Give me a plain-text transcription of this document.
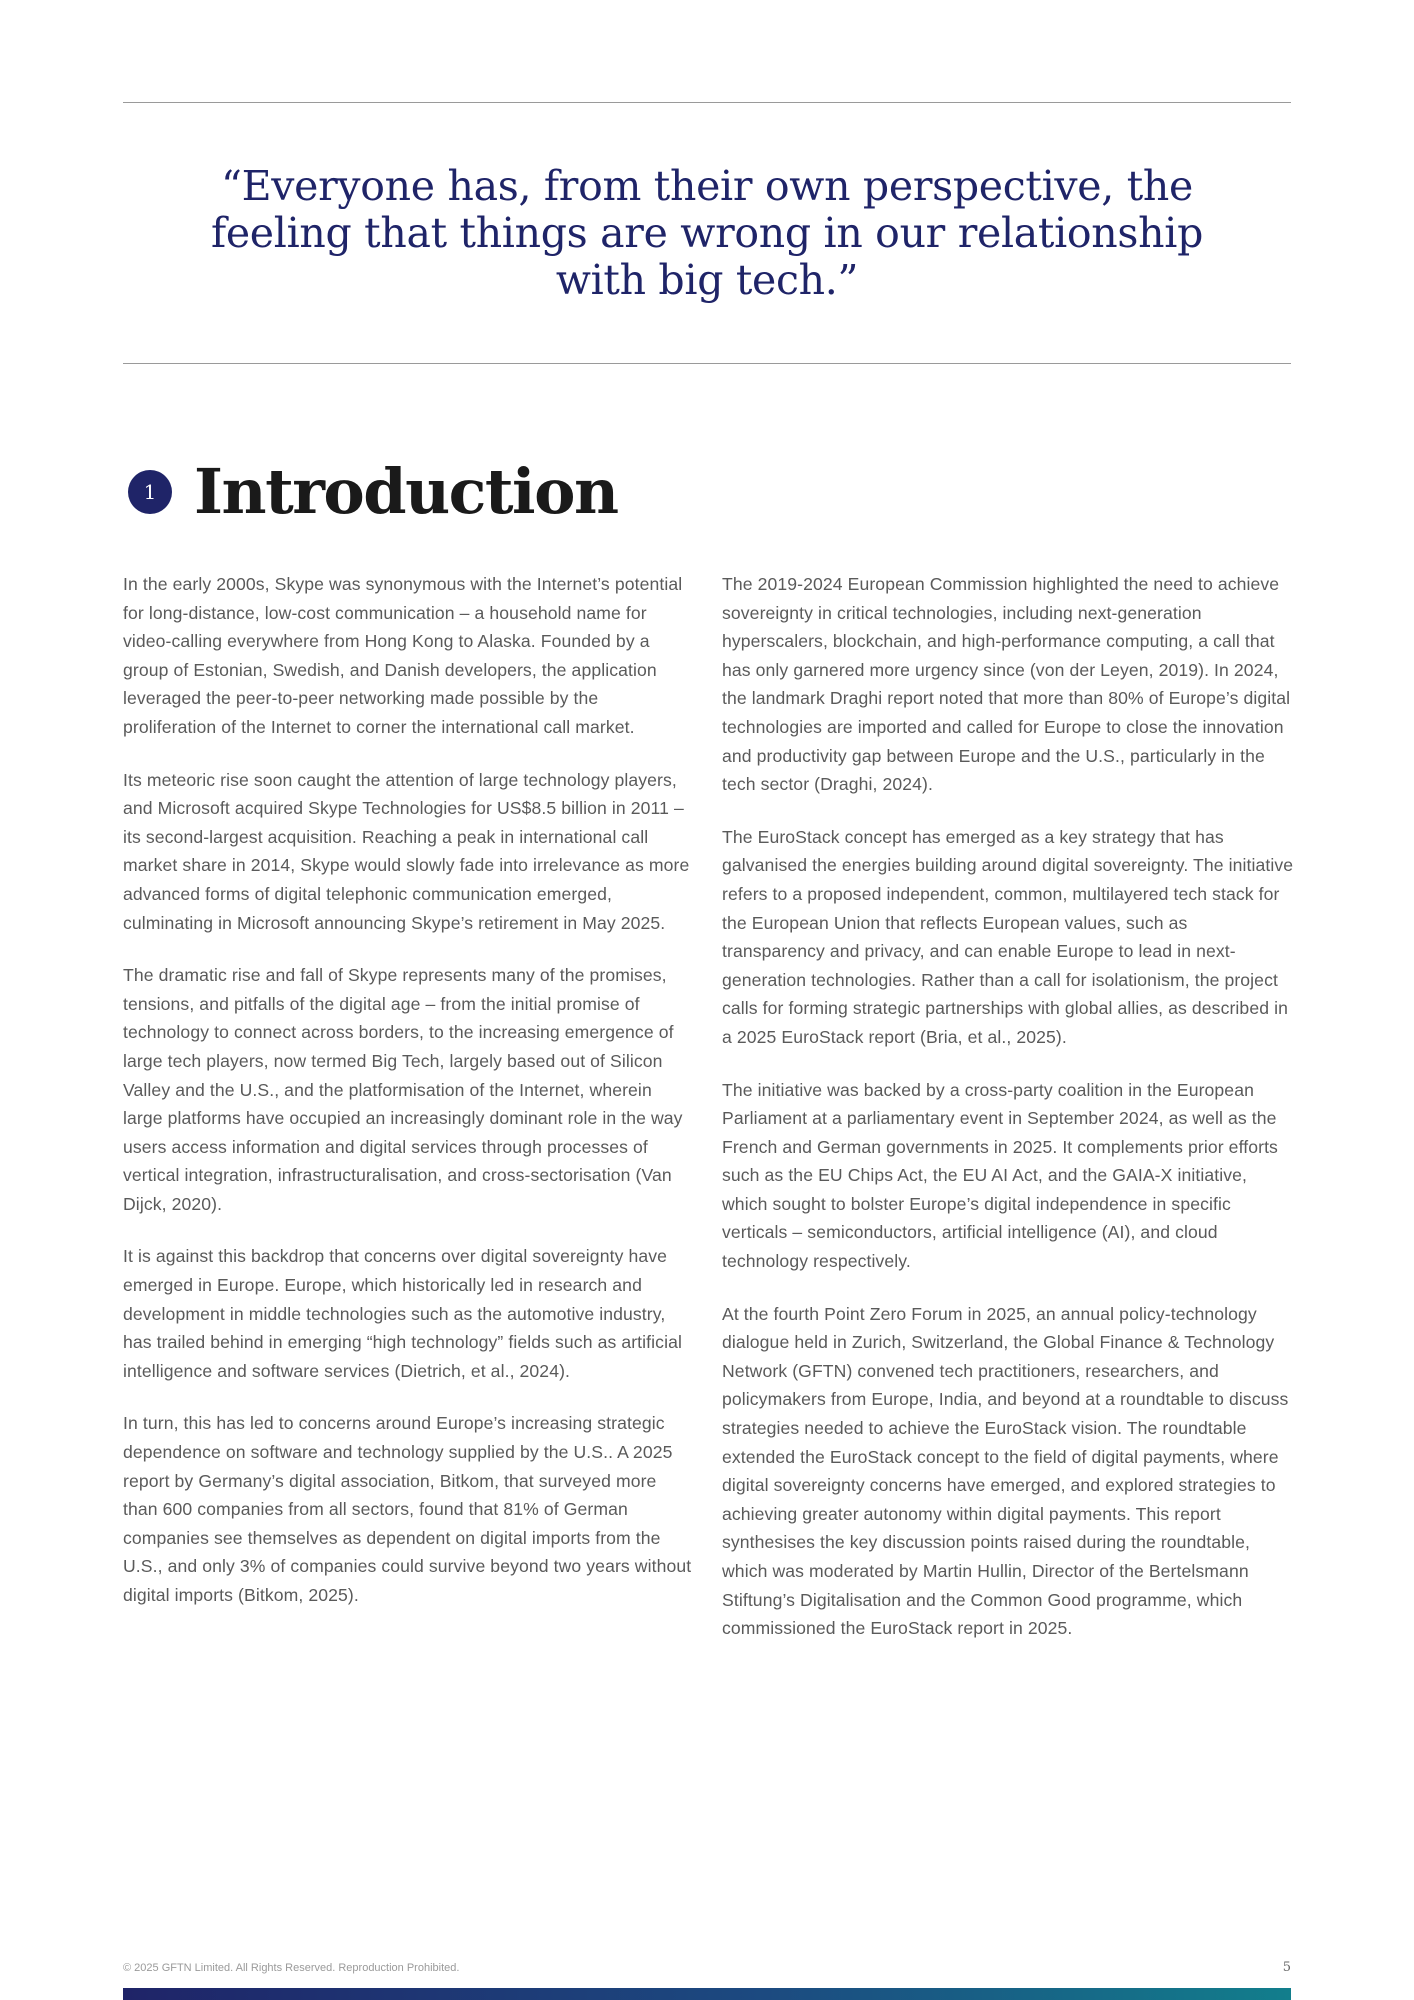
“Everyone has, from their own perspective, the feeling that things are wrong in our relationship with big tech.”
1 Introduction

In the early 2000s, Skype was synonymous with the Internet’s potential for long-distance, low-cost communication – a household name for video-calling everywhere from Hong Kong to Alaska. Founded by a group of Estonian, Swedish, and Danish developers, the application leveraged the peer-to-peer networking made possible by the proliferation of the Internet to corner the international call market.

Its meteoric rise soon caught the attention of large technology players, and Microsoft acquired Skype Technologies for US$8.5 billion in 2011 – its second-largest acquisition. Reaching a peak in international call market share in 2014, Skype would slowly fade into irrelevance as more advanced forms of digital telephonic communication emerged, culminating in Microsoft announcing Skype’s retirement in May 2025.

The dramatic rise and fall of Skype represents many of the promises, tensions, and pitfalls of the digital age – from the initial promise of technology to connect across borders, to the increasing emergence of large tech players, now termed Big Tech, largely based out of Silicon Valley and the U.S., and the platformisation of the Internet, wherein large platforms have occupied an increasingly dominant role in the way users access information and digital services through processes of vertical integration, infrastructuralisation, and cross-sectorisation (Van Dijck, 2020).

It is against this backdrop that concerns over digital sovereignty have emerged in Europe. Europe, which historically led in research and development in middle technologies such as the automotive industry, has trailed behind in emerging “high technology” fields such as artificial intelligence and software services (Dietrich, et al., 2024).

In turn, this has led to concerns around Europe’s increasing strategic dependence on software and technology supplied by the U.S.. A 2025 report by Germany’s digital association, Bitkom, that surveyed more than 600 companies from all sectors, found that 81% of German companies see themselves as dependent on digital imports from the U.S., and only 3% of companies could survive beyond two years without digital imports (Bitkom, 2025).

The 2019-2024 European Commission highlighted the need to achieve sovereignty in critical technologies, including next-generation hyperscalers, blockchain, and high-performance computing, a call that has only garnered more urgency since (von der Leyen, 2019). In 2024, the landmark Draghi report noted that more than 80% of Europe’s digital technologies are imported and called for Europe to close the innovation and productivity gap between Europe and the U.S., particularly in the tech sector (Draghi, 2024).

The EuroStack concept has emerged as a key strategy that has galvanised the energies building around digital sovereignty. The initiative refers to a proposed independent, common, multilayered tech stack for the European Union that reflects European values, such as transparency and privacy, and can enable Europe to lead in next-generation technologies. Rather than a call for isolationism, the project calls for forming strategic partnerships with global allies, as described in a 2025 EuroStack report (Bria, et al., 2025).

The initiative was backed by a cross-party coalition in the European Parliament at a parliamentary event in September 2024, as well as the French and German governments in 2025. It complements prior efforts such as the EU Chips Act, the EU AI Act, and the GAIA-X initiative, which sought to bolster Europe’s digital independence in specific verticals – semiconductors, artificial intelligence (AI), and cloud technology respectively.

At the fourth Point Zero Forum in 2025, an annual policy-technology dialogue held in Zurich, Switzerland, the Global Finance & Technology Network (GFTN) convened tech practitioners, researchers, and policymakers from Europe, India, and beyond at a roundtable to discuss strategies needed to achieve the EuroStack vision. The roundtable extended the EuroStack concept to the field of digital payments, where digital sovereignty concerns have emerged, and explored strategies to achieving greater autonomy within digital payments. This report synthesises the key discussion points raised during the roundtable, which was moderated by Martin Hullin, Director of the Bertelsmann Stiftung’s Digitalisation and the Common Good programme, which commissioned the EuroStack report in 2025.

© 2025 GFTN Limited. All Rights Reserved. Reproduction Prohibited.	5
